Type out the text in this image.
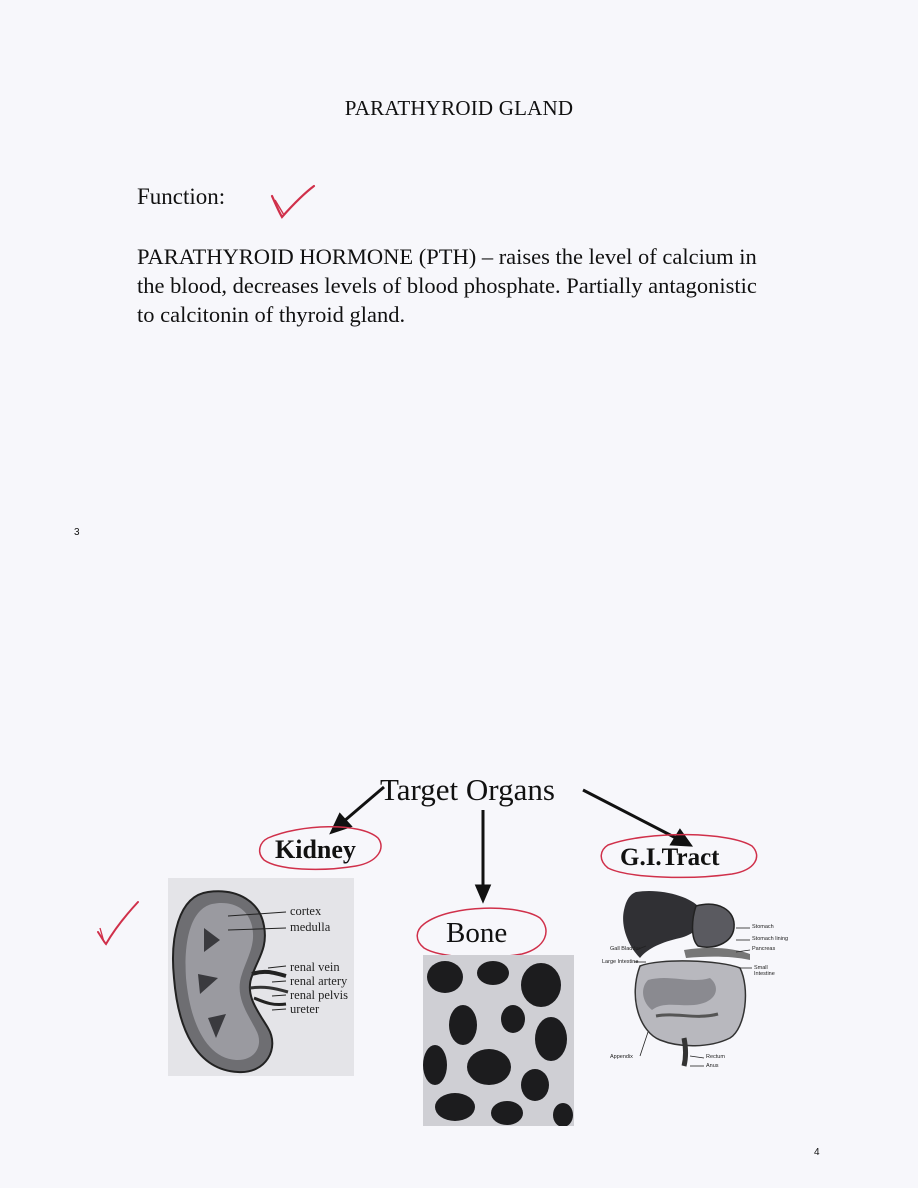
PARATHYROID GLAND
Function:
PARATHYROID HORMONE (PTH) – raises the level of calcium in the blood, decreases levels of blood phosphate. Partially antagonistic to calcitonin of thyroid gland.
3
4
Target Organs
Kidney	G.I.Tract
Bone
cortex
medulla
renal vein
renal artery
renal pelvis
ureter
Stomach
Stomach lining
Pancreas
Small Intestine
Gall Bladder
Large Intestine
Appendix	Rectum
Anus
